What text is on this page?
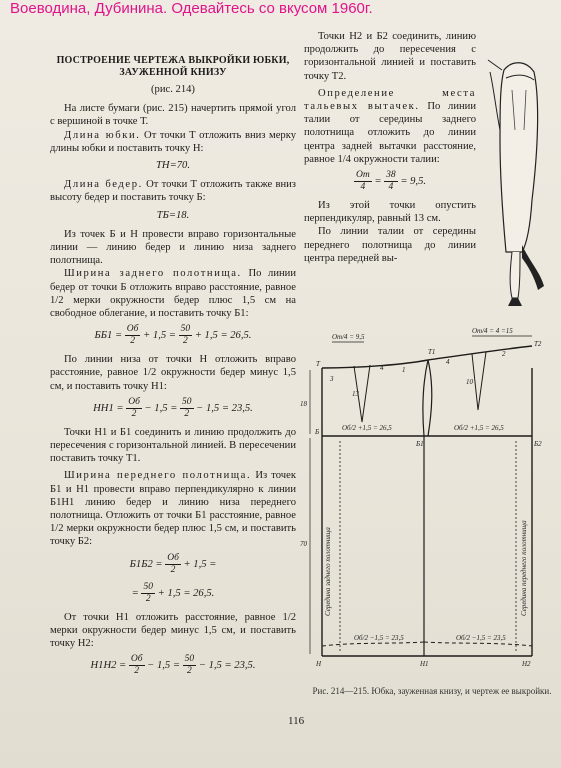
Воеводина, Дубинина. Одевайтесь со вкусом 1960г.

ПОСТРОЕНИЕ ЧЕРТЕЖА ВЫКРОЙКИ ЮБКИ, ЗАУЖЕННОЙ КНИЗУ

(рис. 214)

На листе бумаги (рис. 215) начертить прямой угол с вершиной в точке Т.

Длина юбки. От точки Т отложить вниз мерку длины юбки и поставить точку Н:

ТН=70.

Длина бедер. От точки Т отложить также вниз высоту бедер и поставить точку Б:

ТБ=18.

Из точек Б и Н провести вправо горизонтальные линии — линию бедер и линию низа заднего полотнища.

Ширина заднего полотнища. По линии бедер от точки Б отложить вправо расстояние, равное 1/2 мерки окружности бедер плюс 1,5 см на свободное облегание, и поставить точку Б1:

$ББ1 = \frac{Об}{2} + 1,5 = \frac{50}{2} + 1,5 = 26,5$.

По линии низа от точки Н отложить вправо расстояние, равное 1/2 окружности бедер минус 1,5 см, и поставить точку Н1:

$НН1 = \frac{Об}{2} - 1,5 = \frac{50}{2} - 1,5 = 23,5$.

Точки Н1 и Б1 соединить и линию продолжить до пересечения с горизонтальной линией. В пересечении поставить точку Т1.

Ширина переднего полотнища. Из точек Б1 и Н1 провести вправо перпендикулярно к линии Б1Н1 линию бедер и линию низа переднего полотнища. Отложить от точки Б1 расстояние, равное 1/2 мерки окружности бедер плюс 1,5 см, и поставить точку Б2:

$Б1Б2 = \frac{Об}{2} + 1,5$ =

= $\frac{50}{2} + 1,5 = 26,5$.

От точки Н1 отложить расстояние, равное 1/2 мерки окружности бедер минус 1,5 см, и поставить точку Н2:

$Н1Н2 = \frac{Об}{2} - 1,5 = \frac{50}{2} - 1,5 = 23,5$.

Точки Н2 и Б2 соединить, линию продолжить до пересечения с горизонтальной линией и поставить точку Т2.

Определение места тальевых вытачек. По линии талии от середины заднего полотнища отложить до линии центра задней вытачки расстояние, равное 1/4 окружности талии:

$\frac{От}{4} = \frac{38}{4} = 9,5$.

Из этой точки опустить перпендикуляр, равный 13 см.

По линии талии от середины переднего полотнища до линии центра передней вы-

Т
Т1
Т2
Б
Б1	Б2
Н	Н1	Н2
От/4 = 9,5
От/4 = 4 =15
Об/2 +1,5 = 26,5	Об/2 +1,5 = 26,5
Об/2 −1,5 = 23,5	Об/2 −1,5 = 23,5
18
70
13
10
3
4
4
1
2
Середина заднего полотнища	Середина переднего полотнища
Рис. 214—215. Юбка, зауженная книзу, и чертеж ее выкройки.
116
